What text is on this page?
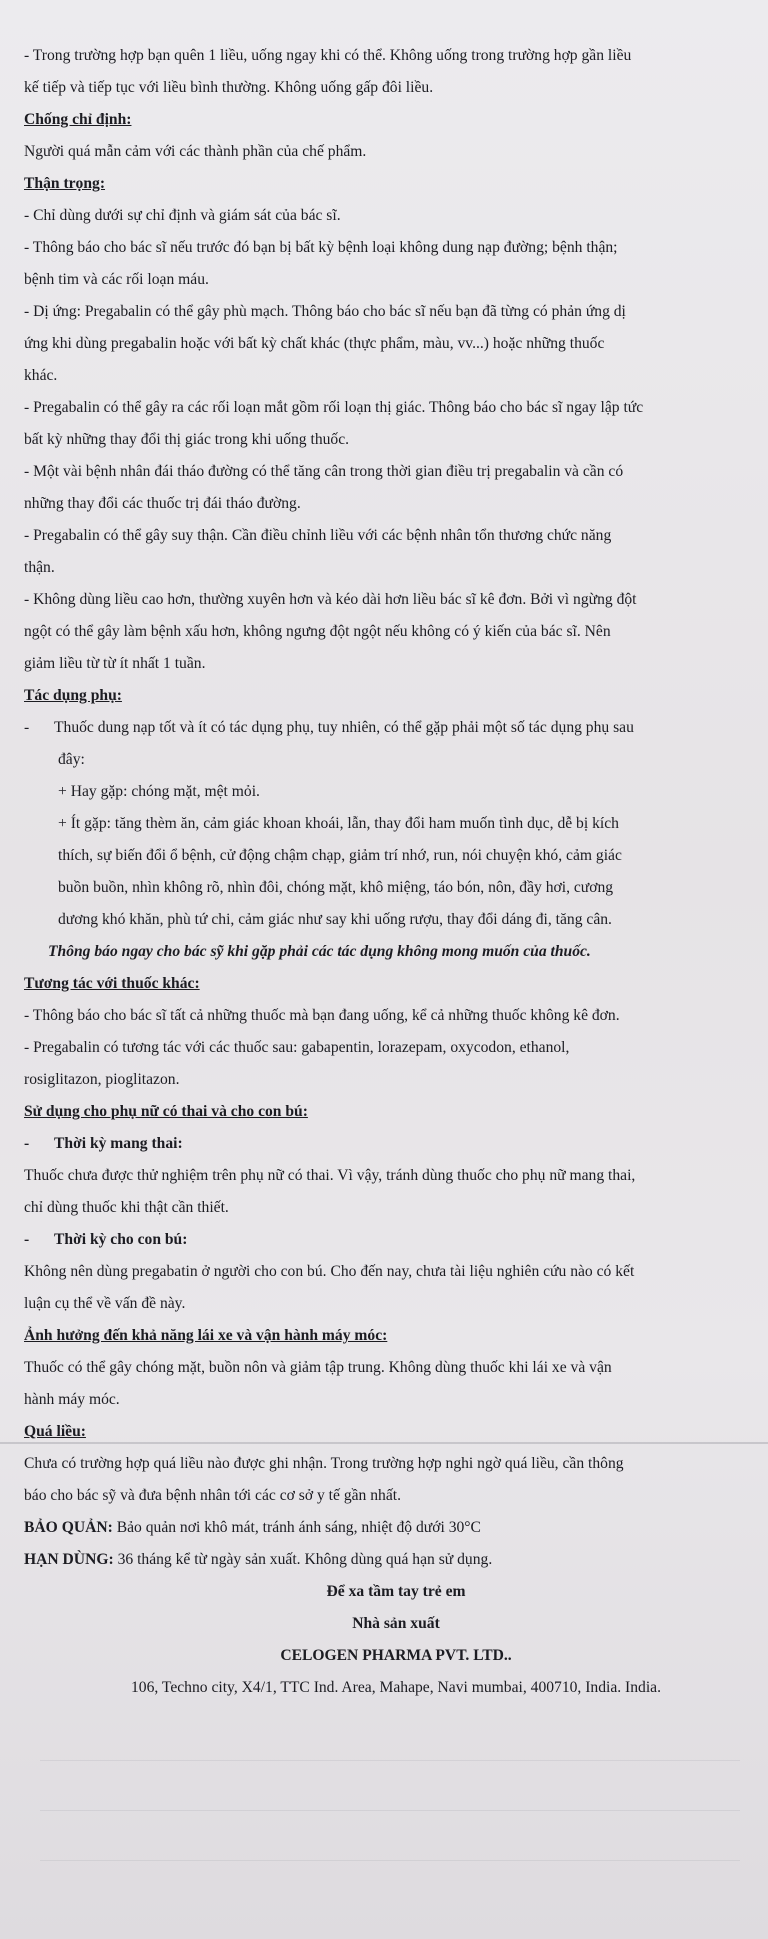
- Trong trường hợp bạn quên 1 liều, uống ngay khi có thể. Không uống trong trường hợp gần liều
kế tiếp và tiếp tục với liều bình thường. Không uống gấp đôi liều.
Chống chỉ định:
Người quá mẫn cảm với các thành phần của chế phẩm.
Thận trọng:
- Chỉ dùng dưới sự chỉ định và giám sát của bác sĩ.
- Thông báo cho bác sĩ nếu trước đó bạn bị bất kỳ bệnh loại không dung nạp đường; bệnh thận;
bệnh tim và các rối loạn máu.
- Dị ứng: Pregabalin có thể gây phù mạch. Thông báo cho bác sĩ nếu bạn đã từng có phản ứng dị
ứng khi dùng pregabalin hoặc với bất kỳ chất khác (thực phẩm, màu, vv...) hoặc những thuốc
khác.
- Pregabalin có thể gây ra các rối loạn mắt gồm rối loạn thị giác. Thông báo cho bác sĩ ngay lập tức
bất kỳ những thay đổi thị giác trong khi uống thuốc.
- Một vài bệnh nhân đái tháo đường có thể tăng cân trong thời gian điều trị pregabalin và cần có
những thay đổi các thuốc trị đái tháo đường.
- Pregabalin có thể gây suy thận. Cần điều chỉnh liều với các bệnh nhân tổn thương chức năng
thận.
- Không dùng liều cao hơn, thường xuyên hơn và kéo dài hơn liều bác sĩ kê đơn. Bởi vì ngừng đột
ngột có thể gây làm bệnh xấu hơn, không ngưng đột ngột nếu không có ý kiến của bác sĩ. Nên
giảm liều từ từ ít nhất 1 tuần.
Tác dụng phụ:
- Thuốc dung nạp tốt và ít có tác dụng phụ, tuy nhiên, có thể gặp phải một số tác dụng phụ sau
đây:
+ Hay gặp: chóng mặt, mệt mỏi.
+ Ít gặp: tăng thèm ăn, cảm giác khoan khoái, lẫn, thay đổi ham muốn tình dục, dễ bị kích
thích, sự biến đổi ổ bệnh, cử động chậm chạp, giảm trí nhớ, run, nói chuyện khó, cảm giác
buồn buồn, nhìn không rõ, nhìn đôi, chóng mặt, khô miệng, táo bón, nôn, đầy hơi, cương
dương khó khăn, phù tứ chi, cảm giác như say khi uống rượu, thay đổi dáng đi, tăng cân.
Thông báo ngay cho bác sỹ khi gặp phải các tác dụng không mong muốn của thuốc.
Tương tác với thuốc khác:
- Thông báo cho bác sĩ tất cả những thuốc mà bạn đang uống, kể cả những thuốc không kê đơn.
- Pregabalin có tương tác với các thuốc sau: gabapentin, lorazepam, oxycodon, ethanol,
rosiglitazon, pioglitazon.
Sử dụng cho phụ nữ có thai và cho con bú:
- Thời kỳ mang thai:
Thuốc chưa được thử nghiệm trên phụ nữ có thai. Vì vậy, tránh dùng thuốc cho phụ nữ mang thai,
chỉ dùng thuốc khi thật cần thiết.
- Thời kỳ cho con bú:
Không nên dùng pregabatin ở người cho con bú. Cho đến nay, chưa tài liệu nghiên cứu nào có kết
luận cụ thể về vấn đề này.
Ảnh hưởng đến khả năng lái xe và vận hành máy móc:
Thuốc có thể gây chóng mặt, buồn nôn và giảm tập trung. Không dùng thuốc khi lái xe và vận
hành máy móc.
Quá liều:
Chưa có trường hợp quá liều nào được ghi nhận. Trong trường hợp nghi ngờ quá liều, cần thông
báo cho bác sỹ và đưa bệnh nhân tới các cơ sở y tế gần nhất.
BẢO QUẢN: Bảo quản nơi khô mát, tránh ánh sáng, nhiệt độ dưới 30°C
HẠN DÙNG: 36 tháng kể từ ngày sản xuất. Không dùng quá hạn sử dụng.
Để xa tầm tay trẻ em
Nhà sản xuất
CELOGEN PHARMA PVT. LTD..
106, Techno city, X4/1, TTC Ind. Area, Mahape, Navi mumbai, 400710, India. India.
